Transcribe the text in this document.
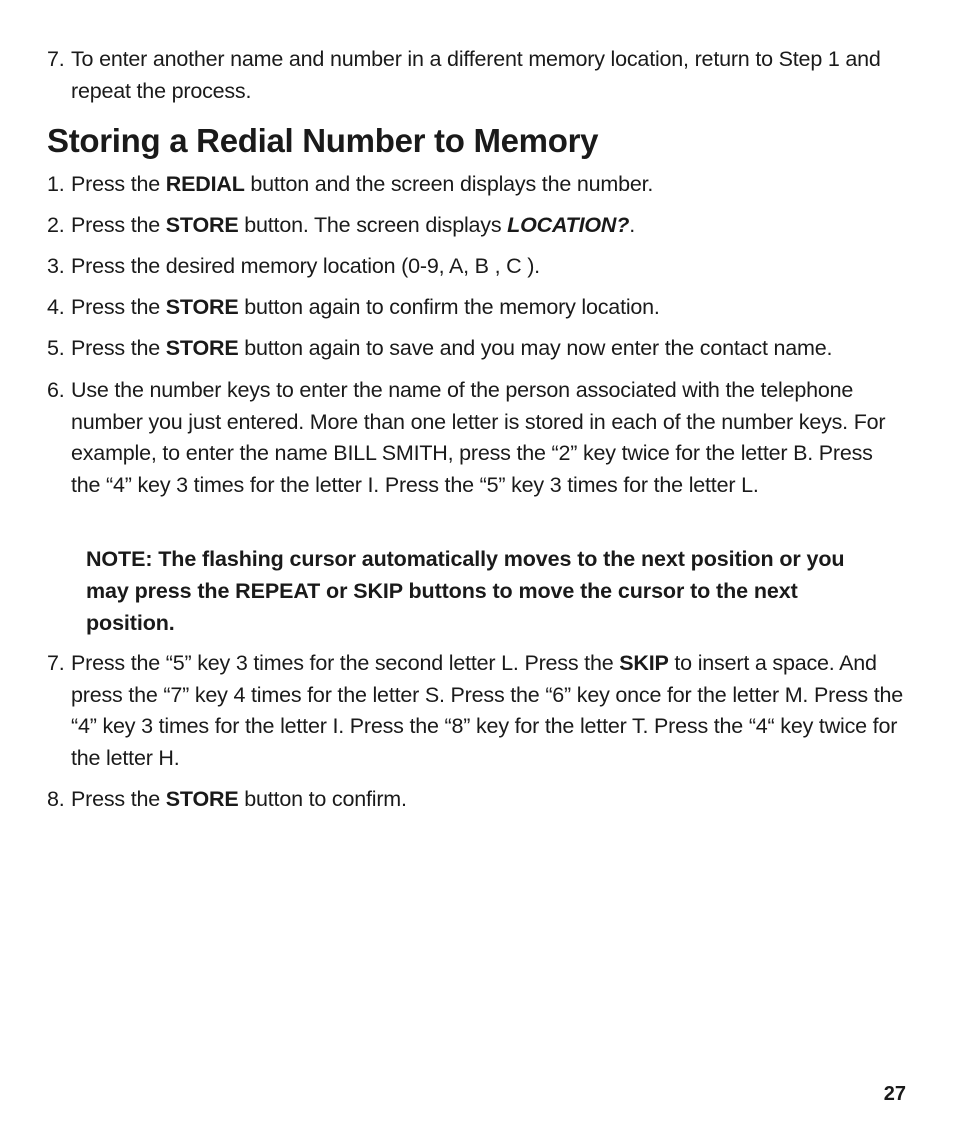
7. To enter another name and number in a different memory location, return to Step 1 and repeat the process.
Storing a Redial Number to Memory
1. Press the REDIAL button and the screen displays the number.
2. Press the STORE button. The screen displays LOCATION?.
3. Press the desired memory location (0-9, A, B , C ).
4. Press the STORE button again to confirm the memory location.
5. Press the STORE button again to save and you may now enter the contact name.
6. Use the number keys to enter the name of the person associated with the telephone number you just entered. More than one letter is stored in each of the number keys. For example, to enter the name BILL SMITH, press the “2” key twice for the letter B. Press the “4” key 3 times for the letter I. Press the “5” key 3 times for the letter L.
NOTE: The flashing cursor automatically moves to the next position or you may press the REPEAT or SKIP buttons to move the cursor to the next position.
7. Press the “5” key 3 times for the second letter L. Press the SKIP to insert a space. And press the “7” key 4 times for the letter S. Press the “6” key once for the letter M. Press the “4” key 3 times for the letter I. Press the “8” key for the letter T. Press the “4“ key twice for the letter H.
8. Press the STORE button to confirm.
27
